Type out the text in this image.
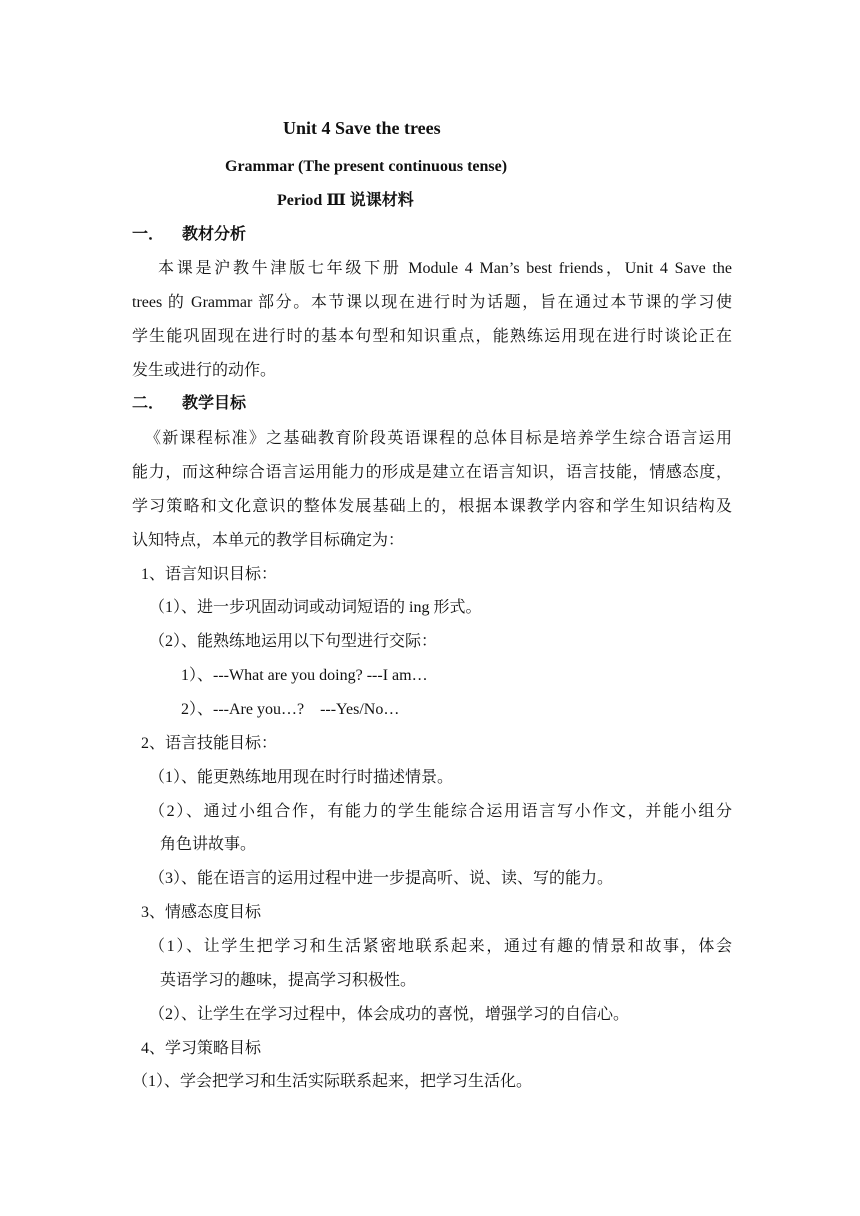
Unit 4 Save the trees
Grammar (The present continuous tense)
Period Ⅲ 说课材料
一． 教材分析
本课是沪教牛津版七年级下册 Module 4 Man’s best friends，Unit 4 Save the
trees 的 Grammar 部分。本节课以现在进行时为话题，旨在通过本节课的学习使
学生能巩固现在进行时的基本句型和知识重点，能熟练运用现在进行时谈论正在
发生或进行的动作。
二． 教学目标
《新课程标准》之基础教育阶段英语课程的总体目标是培养学生综合语言运用
能力，而这种综合语言运用能力的形成是建立在语言知识，语言技能，情感态度，
学习策略和文化意识的整体发展基础上的，根据本课教学内容和学生知识结构及
认知特点，本单元的教学目标确定为：
1、语言知识目标：
（1）、进一步巩固动词或动词短语的 ing 形式。
（2）、能熟练地运用以下句型进行交际：
1）、---What are you doing? ---I am…
2）、---Are you…?    ---Yes/No…
2、语言技能目标：
（1）、能更熟练地用现在时行时描述情景。
（2）、通过小组合作，有能力的学生能综合运用语言写小作文，并能小组分
角色讲故事。
（3）、能在语言的运用过程中进一步提高听、说、读、写的能力。
3、情感态度目标
（1）、让学生把学习和生活紧密地联系起来，通过有趣的情景和故事，体会
英语学习的趣味，提高学习积极性。
（2）、让学生在学习过程中，体会成功的喜悦，增强学习的自信心。
4、学习策略目标
（1）、学会把学习和生活实际联系起来，把学习生活化。
